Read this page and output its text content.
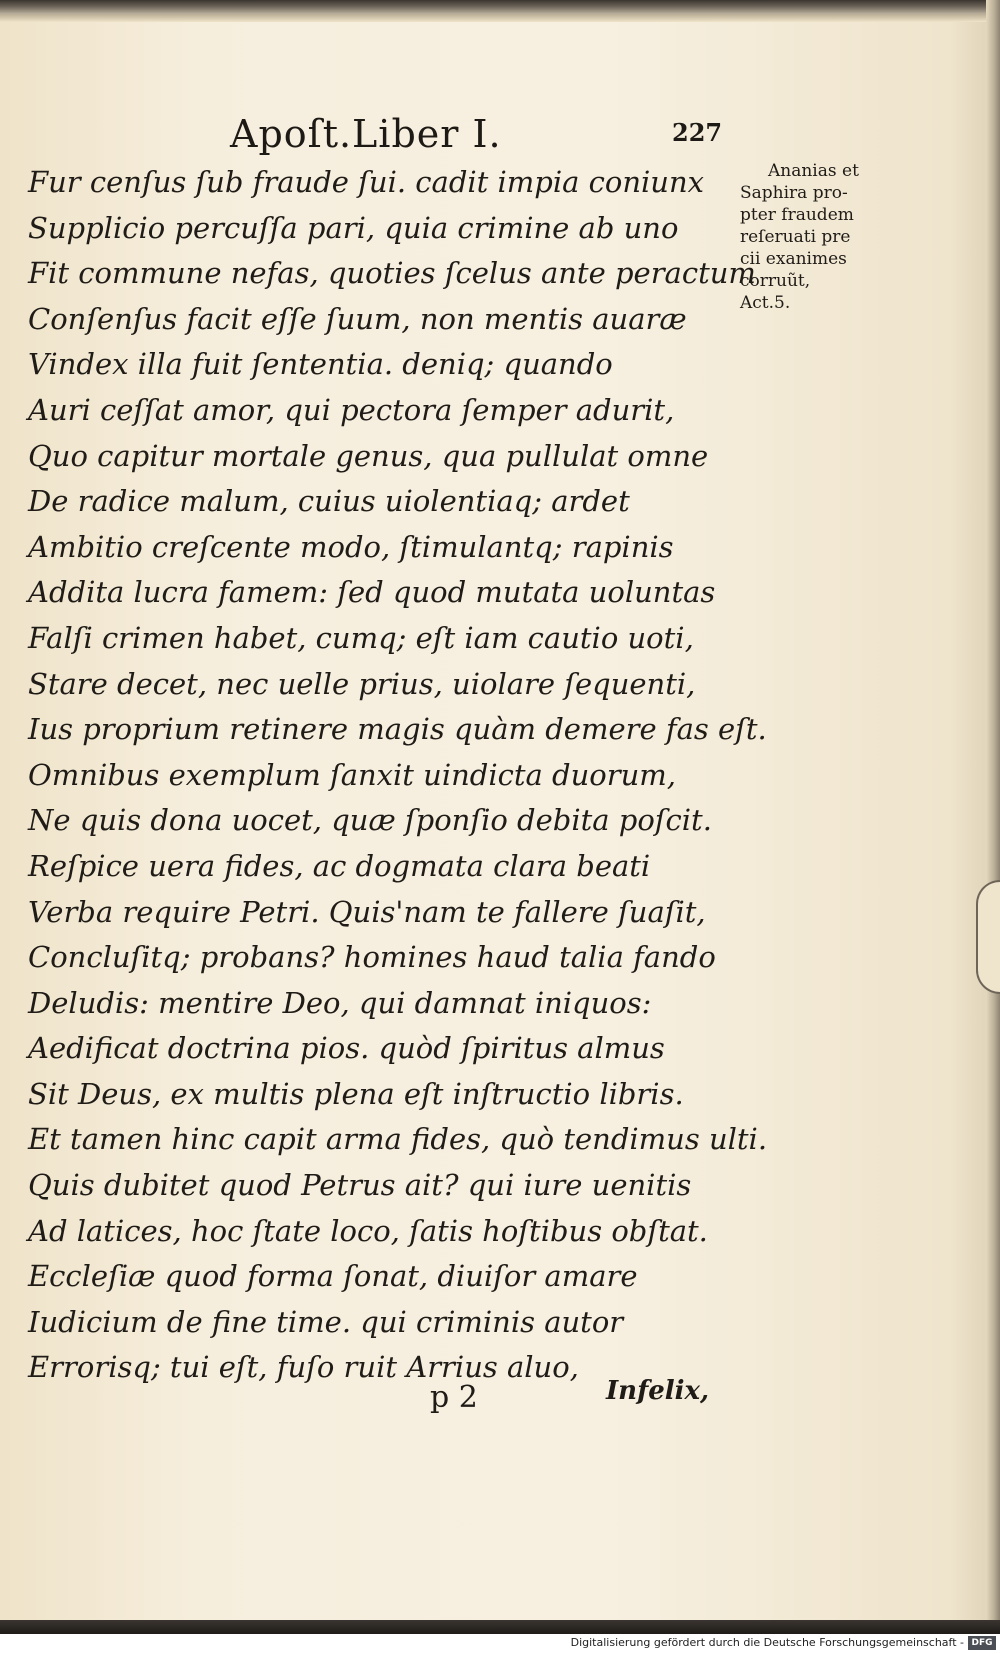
Apoſt.Liber I.	227
Fur cenſus ſub fraude ſui. cadit impia coniunx
Supplicio percuſſa pari, quia crimine ab uno
Fit commune nefas, quoties ſcelus ante peractum
Conſenſus facit eſſe ſuum, non mentis auaræ
Vindex illa fuit ſententia. deniq; quando
Auri ceſſat amor, qui pectora ſemper adurit,
Quo capitur mortale genus, qua pullulat omne
De radice malum, cuius uiolentiaq; ardet
Ambitio creſcente modo, ſtimulantq; rapinis
Addita lucra famem: ſed quod mutata uoluntas
Falſi crimen habet, cumq; eſt iam cautio uoti,
Stare decet, nec uelle prius, uiolare ſequenti,
Ius proprium retinere magis quàm demere fas eſt.
Omnibus exemplum ſanxit uindicta duorum,
Ne quis dona uocet, quæ ſponſio debita poſcit.
Reſpice uera fides, ac dogmata clara beati
Verba require Petri. Quis'nam te fallere ſuaſit,
Concluſitq; probans? homines haud talia fando
Deludis: mentire Deo, qui damnat iniquos:
Aedificat doctrina pios. quòd ſpiritus almus
Sit Deus, ex multis plena eſt inſtructio libris.
Et tamen hinc capit arma fides, quò tendimus ulti.
Quis dubitet quod Petrus ait? qui iure uenitis
Ad latices, hoc ſtate loco, ſatis hoſtibus obſtat.
Eccleſiæ quod forma ſonat, diuiſor amare
Iudicium de fine time. qui criminis autor
Errorisq; tui eſt, fuſo ruit Arrius aluo,
Ananias et
Saphira pro-
pter fraudem
reſeruati pre
cii exanimes
corruũt,
Act.5.
p 2	Infelix,
Digitalisierung gefördert durch die Deutsche Forschungsgemeinschaft - DFG
